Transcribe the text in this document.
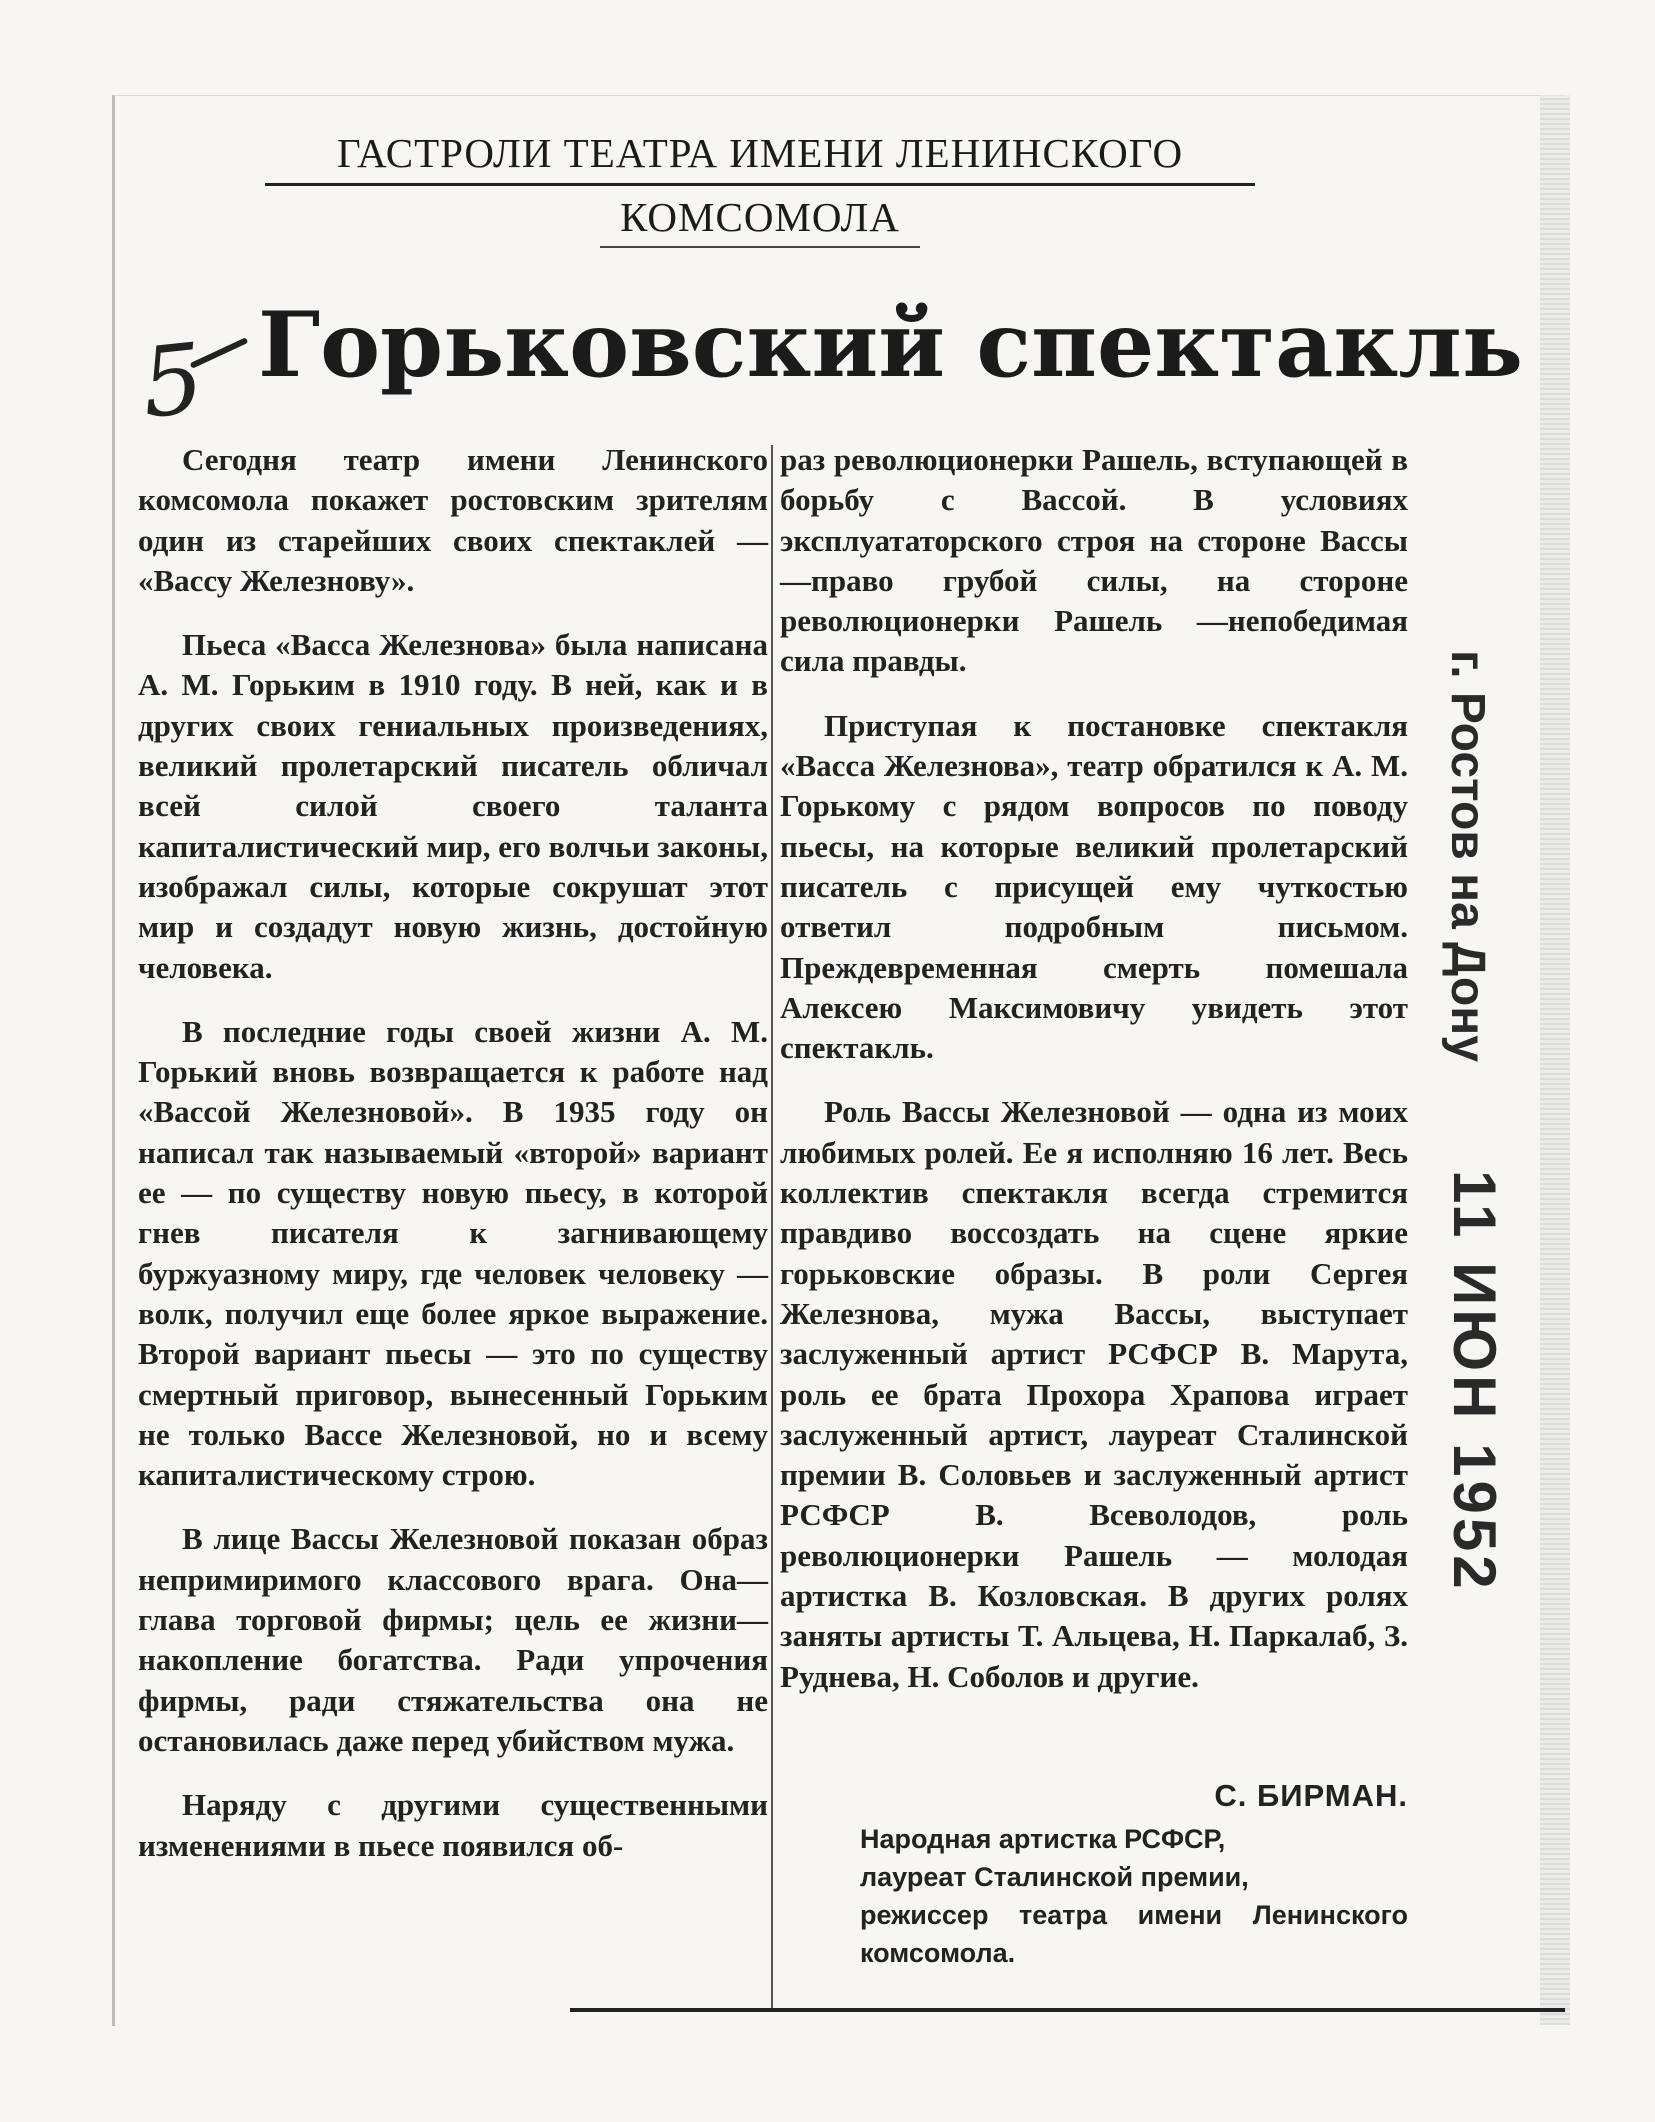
ГАСТРОЛИ ТЕАТРА ИМЕНИ ЛЕНИНСКОГО
КОМСОМОЛА
5 Горьковский спектакль

Сегодня театр имени Ленинского комсомола покажет ростовским зрителям один из старейших своих спектаклей — «Вассу Железнову».

Пьеса «Васса Железнова» была написана А. М. Горьким в 1910 году. В ней, как и в других своих гениальных произведениях, великий пролетарский писатель обличал всей силой своего таланта капиталистический мир, его волчьи законы, изображал силы, которые сокрушат этот мир и создадут новую жизнь, достойную человека.

В последние годы своей жизни А. М. Горький вновь возвращается к работе над «Вассой Железновой». В 1935 году он написал так называемый «второй» вариант ее — по существу новую пьесу, в которой гнев писателя к загнивающему буржуазному миру, где человек человеку — волк, получил еще более яркое выражение. Второй вариант пьесы — это по существу смертный приговор, вынесенный Горьким не только Вассе Железновой, но и всему капиталистическому строю.

В лице Вассы Железновой показан образ непримиримого классового врага. Она—глава торговой фирмы; цель ее жизни—накопление богатства. Ради упрочения фирмы, ради стяжательства она не остановилась даже перед убийством мужа.

Наряду с другими существенными изменениями в пьесе появился об-

раз революционерки Рашель, вступающей в борьбу с Вассой. В условиях эксплуататорского строя на стороне Вассы—право грубой силы, на стороне революционерки Рашель —непобедимая сила правды.

Приступая к постановке спектакля «Васса Железнова», театр обратился к А. М. Горькому с рядом вопросов по поводу пьесы, на которые великий пролетарский писатель с присущей ему чуткостью ответил подробным письмом. Преждевременная смерть помешала Алексею Максимовичу увидеть этот спектакль.

Роль Вассы Железновой — одна из моих любимых ролей. Ее я исполняю 16 лет. Весь коллектив спектакля всегда стремится правдиво воссоздать на сцене яркие горьковские образы. В роли Сергея Железнова, мужа Вассы, выступает заслуженный артист РСФСР В. Марута, роль ее брата Прохора Храпова играет заслуженный артист, лауреат Сталинской премии В. Соловьев и заслуженный артист РСФСР В. Всеволодов, роль революционерки Рашель — молодая артистка В. Козловская. В других ролях заняты артисты Т. Альцева, Н. Паркалаб, З. Руднева, Н. Соболов и другие.

С. БИРМАН.
Народная артистка РСФСР,
лауреат Сталинской премии,
режиссер театра имени Ленинского комсомола.
г. Ростов на Дону
11 ИЮН 1952
